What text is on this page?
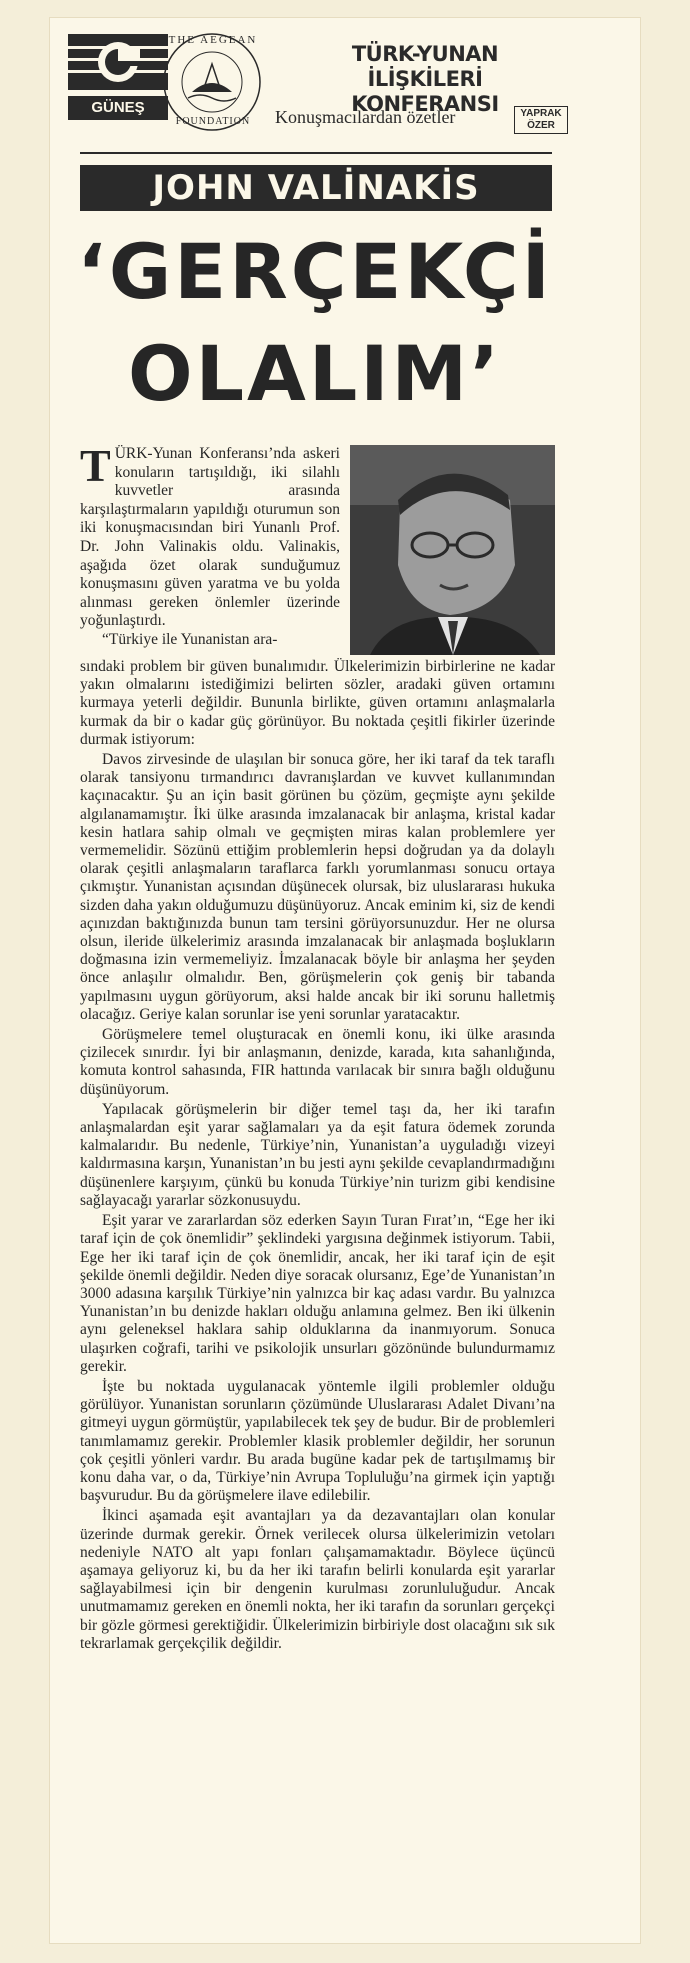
GÜNEŞ
THE AEGEAN
FOUNDATION
TÜRK-YUNAN İLİŞKİLERİ KONFERANSI
Konuşmacılardan özetler	YAPRAK
ÖZER
JOHN VALİNAKİS
‘GERÇEKÇİ
OLALIM’

TÜRK-Yunan Konferansı’nda askeri konuların tartışıldığı, iki silahlı kuvvetler arasında karşılaştırmaların yapıldığı oturumun son iki konuşmacısından biri Yunanlı Prof. Dr. John Valinakis oldu. Valinakis, aşağıda özet olarak sunduğumuz konuşmasını güven yaratma ve bu yolda alınması gereken önlemler üzerinde yoğunlaştırdı.

“Türkiye ile Yunanistan ara-

sındaki problem bir güven bunalımıdır. Ülkelerimizin birbirlerine ne kadar yakın olmalarını istediğimizi belirten sözler, aradaki güven ortamını kurmaya yeterli değildir. Bununla birlikte, güven ortamını anlaşmalarla kurmak da bir o kadar güç görünüyor. Bu noktada çeşitli fikirler üzerinde durmak istiyorum:

Davos zirvesinde de ulaşılan bir sonuca göre, her iki taraf da tek taraflı olarak tansiyonu tırmandırıcı davranışlardan ve kuvvet kullanımından kaçınacaktır. Şu an için basit görünen bu çözüm, geçmişte aynı şekilde algılanamamıştır. İki ülke arasında imzalanacak bir anlaşma, kristal kadar kesin hatlara sahip olmalı ve geçmişten miras kalan problemlere yer vermemelidir. Sözünü ettiğim problemlerin hepsi doğrudan ya da dolaylı olarak çeşitli anlaşmaların taraflarca farklı yorumlanması sonucu ortaya çıkmıştır. Yunanistan açısından düşünecek olursak, biz uluslararası hukuka sizden daha yakın olduğumuzu düşünüyoruz. Ancak eminim ki, siz de kendi açınızdan baktığınızda bunun tam tersini görüyorsunuzdur. Her ne olursa olsun, ileride ülkelerimiz arasında imzalanacak bir anlaşmada boşlukların doğmasına izin vermemeliyiz. İmzalanacak böyle bir anlaşma her şeyden önce anlaşılır olmalıdır. Ben, görüşmelerin çok geniş bir tabanda yapılmasını uygun görüyorum, aksi halde ancak bir iki sorunu halletmiş olacağız. Geriye kalan sorunlar ise yeni sorunlar yaratacaktır.

Görüşmelere temel oluşturacak en önemli konu, iki ülke arasında çizilecek sınırdır. İyi bir anlaşmanın, denizde, karada, kıta sahanlığında, komuta kontrol sahasında, FIR hattında varılacak bir sınıra bağlı olduğunu düşünüyorum.

Yapılacak görüşmelerin bir diğer temel taşı da, her iki tarafın anlaşmalardan eşit yarar sağlamaları ya da eşit fatura ödemek zorunda kalmalarıdır. Bu nedenle, Türkiye’nin, Yunanistan’a uyguladığı vizeyi kaldırmasına karşın, Yunanistan’ın bu jesti aynı şekilde cevaplandırmadığını düşünenlere karşıyım, çünkü bu konuda Türkiye’nin turizm gibi kendisine sağlayacağı yararlar sözkonusuydu.

Eşit yarar ve zararlardan söz ederken Sayın Turan Fırat’ın, “Ege her iki taraf için de çok önemlidir” şeklindeki yargısına değinmek istiyorum. Tabii, Ege her iki taraf için de çok önemlidir, ancak, her iki taraf için de eşit şekilde önemli değildir. Neden diye soracak olursanız, Ege’de Yunanistan’ın 3000 adasına karşılık Türkiye’nin yalnızca bir kaç adası vardır. Bu yalnızca Yunanistan’ın bu denizde hakları olduğu anlamına gelmez. Ben iki ülkenin aynı geleneksel haklara sahip olduklarına da inanmıyorum. Sonuca ulaşırken coğrafi, tarihi ve psikolojik unsurları gözönünde bulundurmamız gerekir.

İşte bu noktada uygulanacak yöntemle ilgili problemler olduğu görülüyor. Yunanistan sorunların çözümünde Uluslararası Adalet Divanı’na gitmeyi uygun görmüştür, yapılabilecek tek şey de budur. Bir de problemleri tanımlamamız gerekir. Problemler klasik problemler değildir, her sorunun çok çeşitli yönleri vardır. Bu arada bugüne kadar pek de tartışılmamış bir konu daha var, o da, Türkiye’nin Avrupa Topluluğu’na girmek için yaptığı başvurudur. Bu da görüşmelere ilave edilebilir.

İkinci aşamada eşit avantajları ya da dezavantajları olan konular üzerinde durmak gerekir. Örnek verilecek olursa ülkelerimizin vetoları nedeniyle NATO alt yapı fonları çalışamamaktadır. Böylece üçüncü aşamaya geliyoruz ki, bu da her iki tarafın belirli konularda eşit yararlar sağlayabilmesi için bir dengenin kurulması zorunluluğudur. Ancak unutmamamız gereken en önemli nokta, her iki tarafın da sorunları gerçekçi bir gözle görmesi gerektiğidir. Ülkelerimizin birbiriyle dost olacağını sık sık tekrarlamak gerçekçilik değildir.
